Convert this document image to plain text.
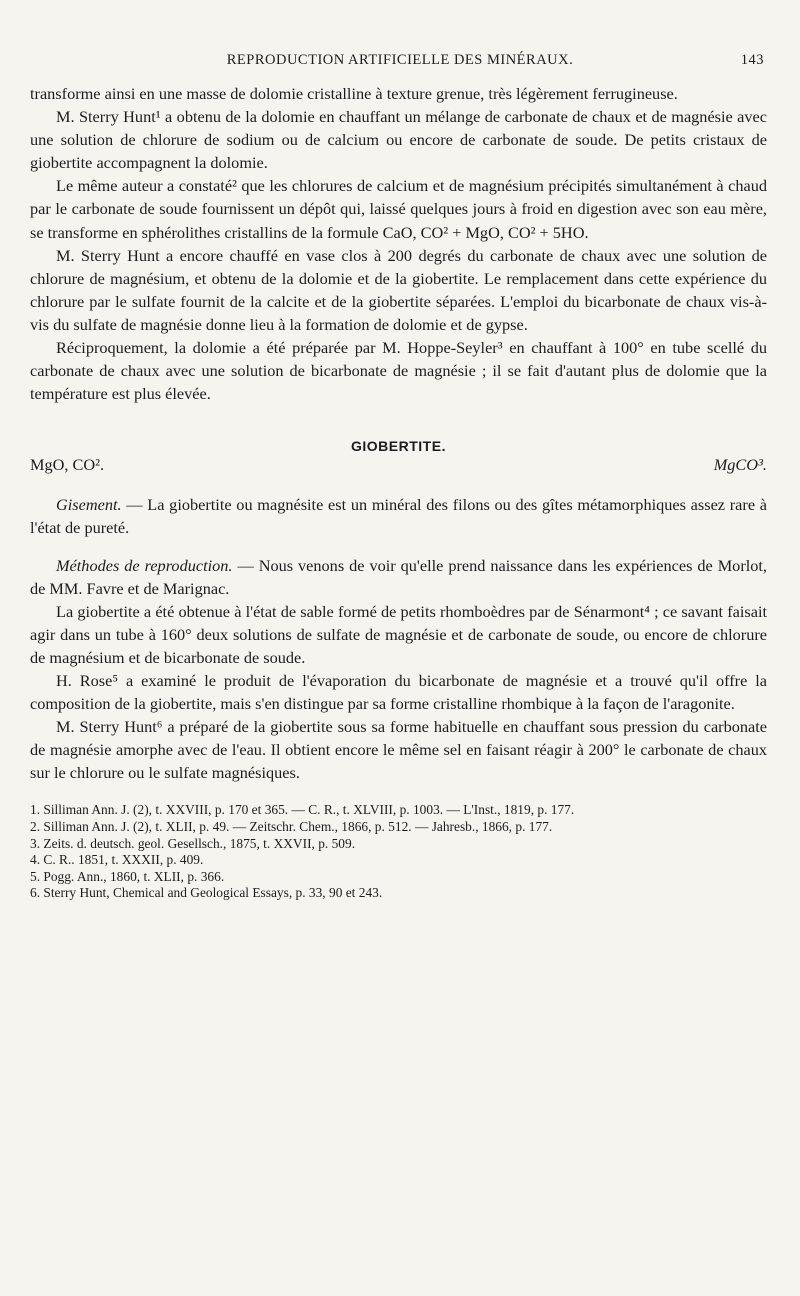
REPRODUCTION ARTIFICIELLE DES MINÉRAUX.	143

transforme ainsi en une masse de dolomie cristalline à texture grenue, très légèrement ferrugineuse.

M. Sterry Hunt¹ a obtenu de la dolomie en chauffant un mélange de carbonate de chaux et de magnésie avec une solution de chlorure de sodium ou de calcium ou encore de carbonate de soude. De petits cristaux de giobertite accompagnent la dolomie.

Le même auteur a constaté² que les chlorures de calcium et de magnésium précipités simultanément à chaud par le carbonate de soude fournissent un dépôt qui, laissé quelques jours à froid en digestion avec son eau mère, se transforme en sphérolithes cristallins de la formule CaO, CO² + MgO, CO² + 5HO.

M. Sterry Hunt a encore chauffé en vase clos à 200 degrés du carbonate de chaux avec une solution de chlorure de magnésium, et obtenu de la dolomie et de la giobertite. Le remplacement dans cette expérience du chlorure par le sulfate fournit de la calcite et de la giobertite séparées. L'emploi du bicarbonate de chaux vis-à-vis du sulfate de magnésie donne lieu à la formation de dolomie et de gypse.

Réciproquement, la dolomie a été préparée par M. Hoppe-Seyler³ en chauffant à 100° en tube scellé du carbonate de chaux avec une solution de bicarbonate de magnésie ; il se fait d'autant plus de dolomie que la température est plus élevée.

GIOBERTITE.
MgO, CO².	MgCO³.

Gisement. — La giobertite ou magnésite est un minéral des filons ou des gîtes métamorphiques assez rare à l'état de pureté.

Méthodes de reproduction. — Nous venons de voir qu'elle prend naissance dans les expériences de Morlot, de MM. Favre et de Marignac.

La giobertite a été obtenue à l'état de sable formé de petits rhomboèdres par de Sénarmont⁴ ; ce savant faisait agir dans un tube à 160° deux solutions de sulfate de magnésie et de carbonate de soude, ou encore de chlorure de magnésium et de bicarbonate de soude.

H. Rose⁵ a examiné le produit de l'évaporation du bicarbonate de magnésie et a trouvé qu'il offre la composition de la giobertite, mais s'en distingue par sa forme cristalline rhombique à la façon de l'aragonite.

M. Sterry Hunt⁶ a préparé de la giobertite sous sa forme habituelle en chauffant sous pression du carbonate de magnésie amorphe avec de l'eau. Il obtient encore le même sel en faisant réagir à 200° le carbonate de chaux sur le chlorure ou le sulfate magnésiques.

1. Silliman Ann. J. (2), t. XXVIII, p. 170 et 365. — C. R., t. XLVIII, p. 1003. — L'Inst., 1819, p. 177.

2. Silliman Ann. J. (2), t. XLII, p. 49. — Zeitschr. Chem., 1866, p. 512. — Jahresb., 1866, p. 177.

3. Zeits. d. deutsch. geol. Gesellsch., 1875, t. XXVII, p. 509.

4. C. R.. 1851, t. XXXII, p. 409.

5. Pogg. Ann., 1860, t. XLII, p. 366.

6. Sterry Hunt, Chemical and Geological Essays, p. 33, 90 et 243.
